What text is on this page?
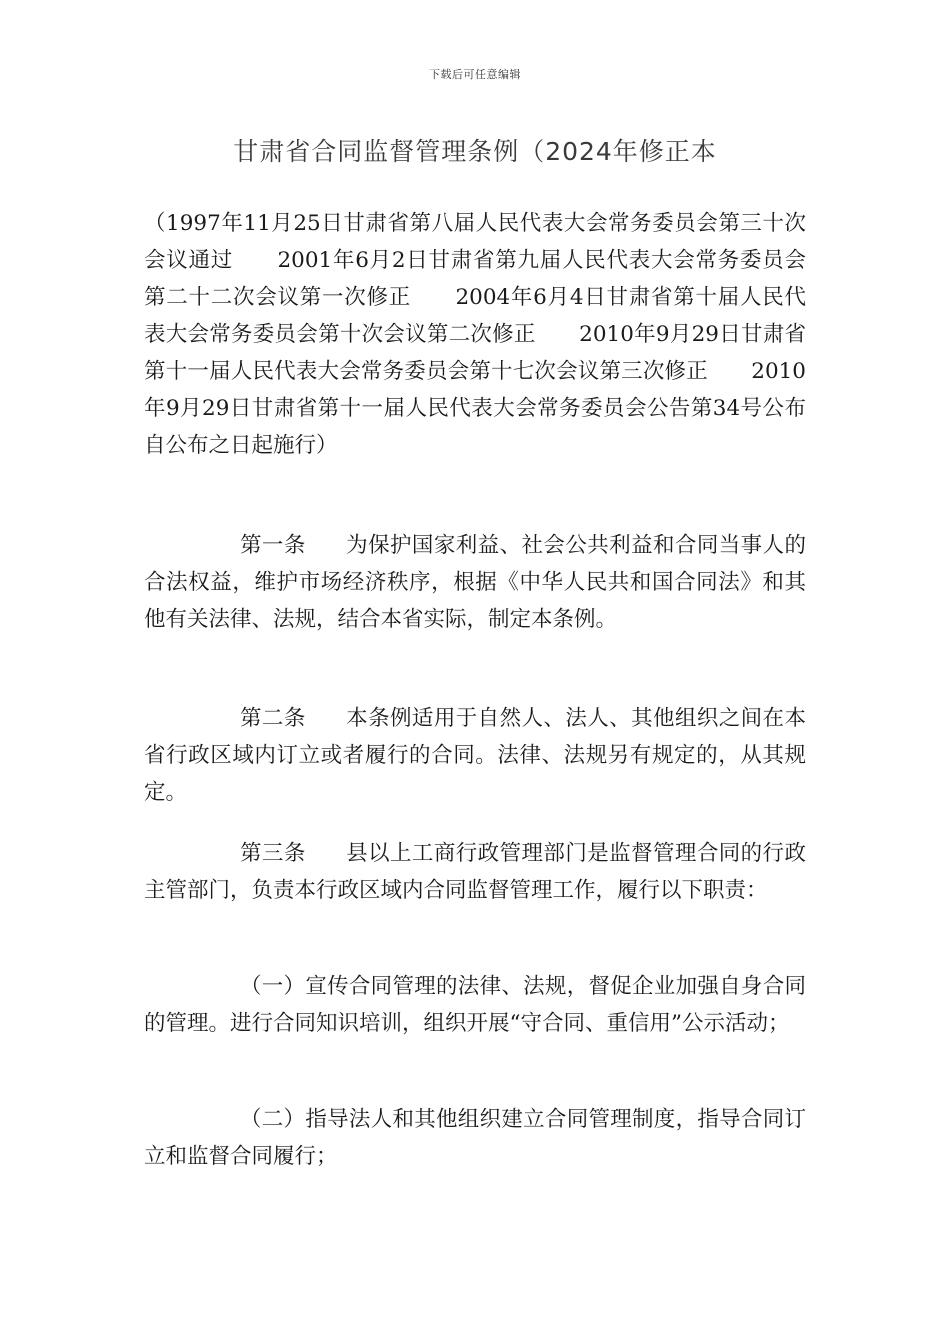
下载后可任意编辑
甘肃省合同监督管理条例（2024年修正本
（1997年11月25日甘肃省第八届人民代表大会常务委员会第三十次会议通过　　2001年6月2日甘肃省第九届人民代表大会常务委员会第二十二次会议第一次修正　　2004年6月4日甘肃省第十届人民代表大会常务委员会第十次会议第二次修正　　2010年9月29日甘肃省第十一届人民代表大会常务委员会第十七次会议第三次修正　　2010年9月29日甘肃省第十一届人民代表大会常务委员会公告第34号公布　　自公布之日起施行）
第一条 为保护国家利益、社会公共利益和合同当事人的合法权益，维护市场经济秩序，根据《中华人民共和国合同法》和其他有关法律、法规，结合本省实际，制定本条例。
第二条 本条例适用于自然人、法人、其他组织之间在本省行政区域内订立或者履行的合同。法律、法规另有规定的，从其规定。
第三条 县以上工商行政管理部门是监督管理合同的行政主管部门，负责本行政区域内合同监督管理工作，履行以下职责：
（一）宣传合同管理的法律、法规，督促企业加强自身合同的管理。进行合同知识培训，组织开展“守合同、重信用”公示活动；
（二）指导法人和其他组织建立合同管理制度，指导合同订立和监督合同履行；
